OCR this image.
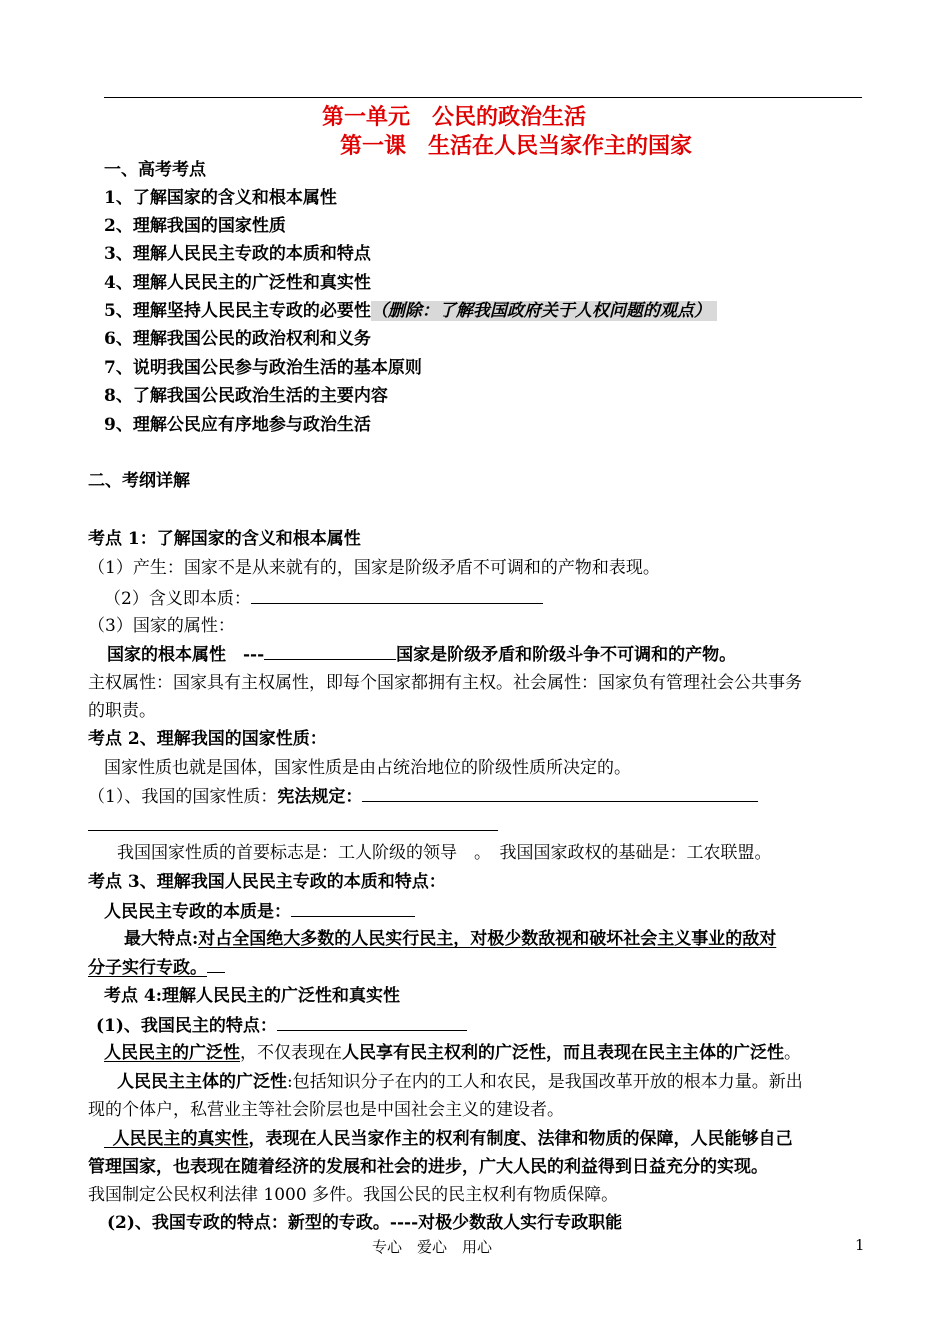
第一单元　公民的政治生活
第一课　生活在人民当家作主的国家
一、高考考点
1、了解国家的含义和根本属性
2、理解我国的国家性质
3、理解人民民主专政的本质和特点
4、理解人民民主的广泛性和真实性
5、理解坚持人民民主专政的必要性（删除：了解我国政府关于人权问题的观点）
6、理解我国公民的政治权利和义务
7、说明我国公民参与政治生活的基本原则
8、了解我国公民政治生活的主要内容
9、理解公民应有序地参与政治生活
二、考纲详解
考点 1：了解国家的含义和根本属性
（1）产生：国家不是从来就有的，国家是阶级矛盾不可调和的产物和表现。
（2）含义即本质：
（3）国家的属性：
国家的根本属性　---	国家是阶级矛盾和阶级斗争不可调和的产物。
主权属性：国家具有主权属性，即每个国家都拥有主权。社会属性：国家负有管理社会公共事务
的职责。
考点 2、理解我国的国家性质：
国家性质也就是国体，国家性质是由占统治地位的阶级性质所决定的。
（1）、我国的国家性质：宪法规定：
我国国家性质的首要标志是：工人阶级的领导　。　我国国家政权的基础是：工农联盟。
考点 3、理解我国人民民主专政的本质和特点：
人民民主专政的本质是：
最大特点:对占全国绝大多数的人民实行民主，对极少数敌视和破坏社会主义事业的敌对
分子实行专政。
考点 4:理解人民民主的广泛性和真实性
(1)、我国民主的特点：
人民民主的广泛性，不仅表现在人民享有民主权利的广泛性，而且表现在民主主体的广泛性。
人民民主主体的广泛性:包括知识分子在内的工人和农民，是我国改革开放的根本力量。新出
现的个体户，私营业主等社会阶层也是中国社会主义的建设者。
 人民民主的真实性，表现在人民当家作主的权利有制度、法律和物质的保障，人民能够自己
管理国家，也表现在随着经济的发展和社会的进步，广大人民的利益得到日益充分的实现。
我国制定公民权利法律 1000 多件。我国公民的民主权利有物质保障。
(2)、我国专政的特点：新型的专政。----对极少数敌人实行专政职能
专心　爱心　用心	1
